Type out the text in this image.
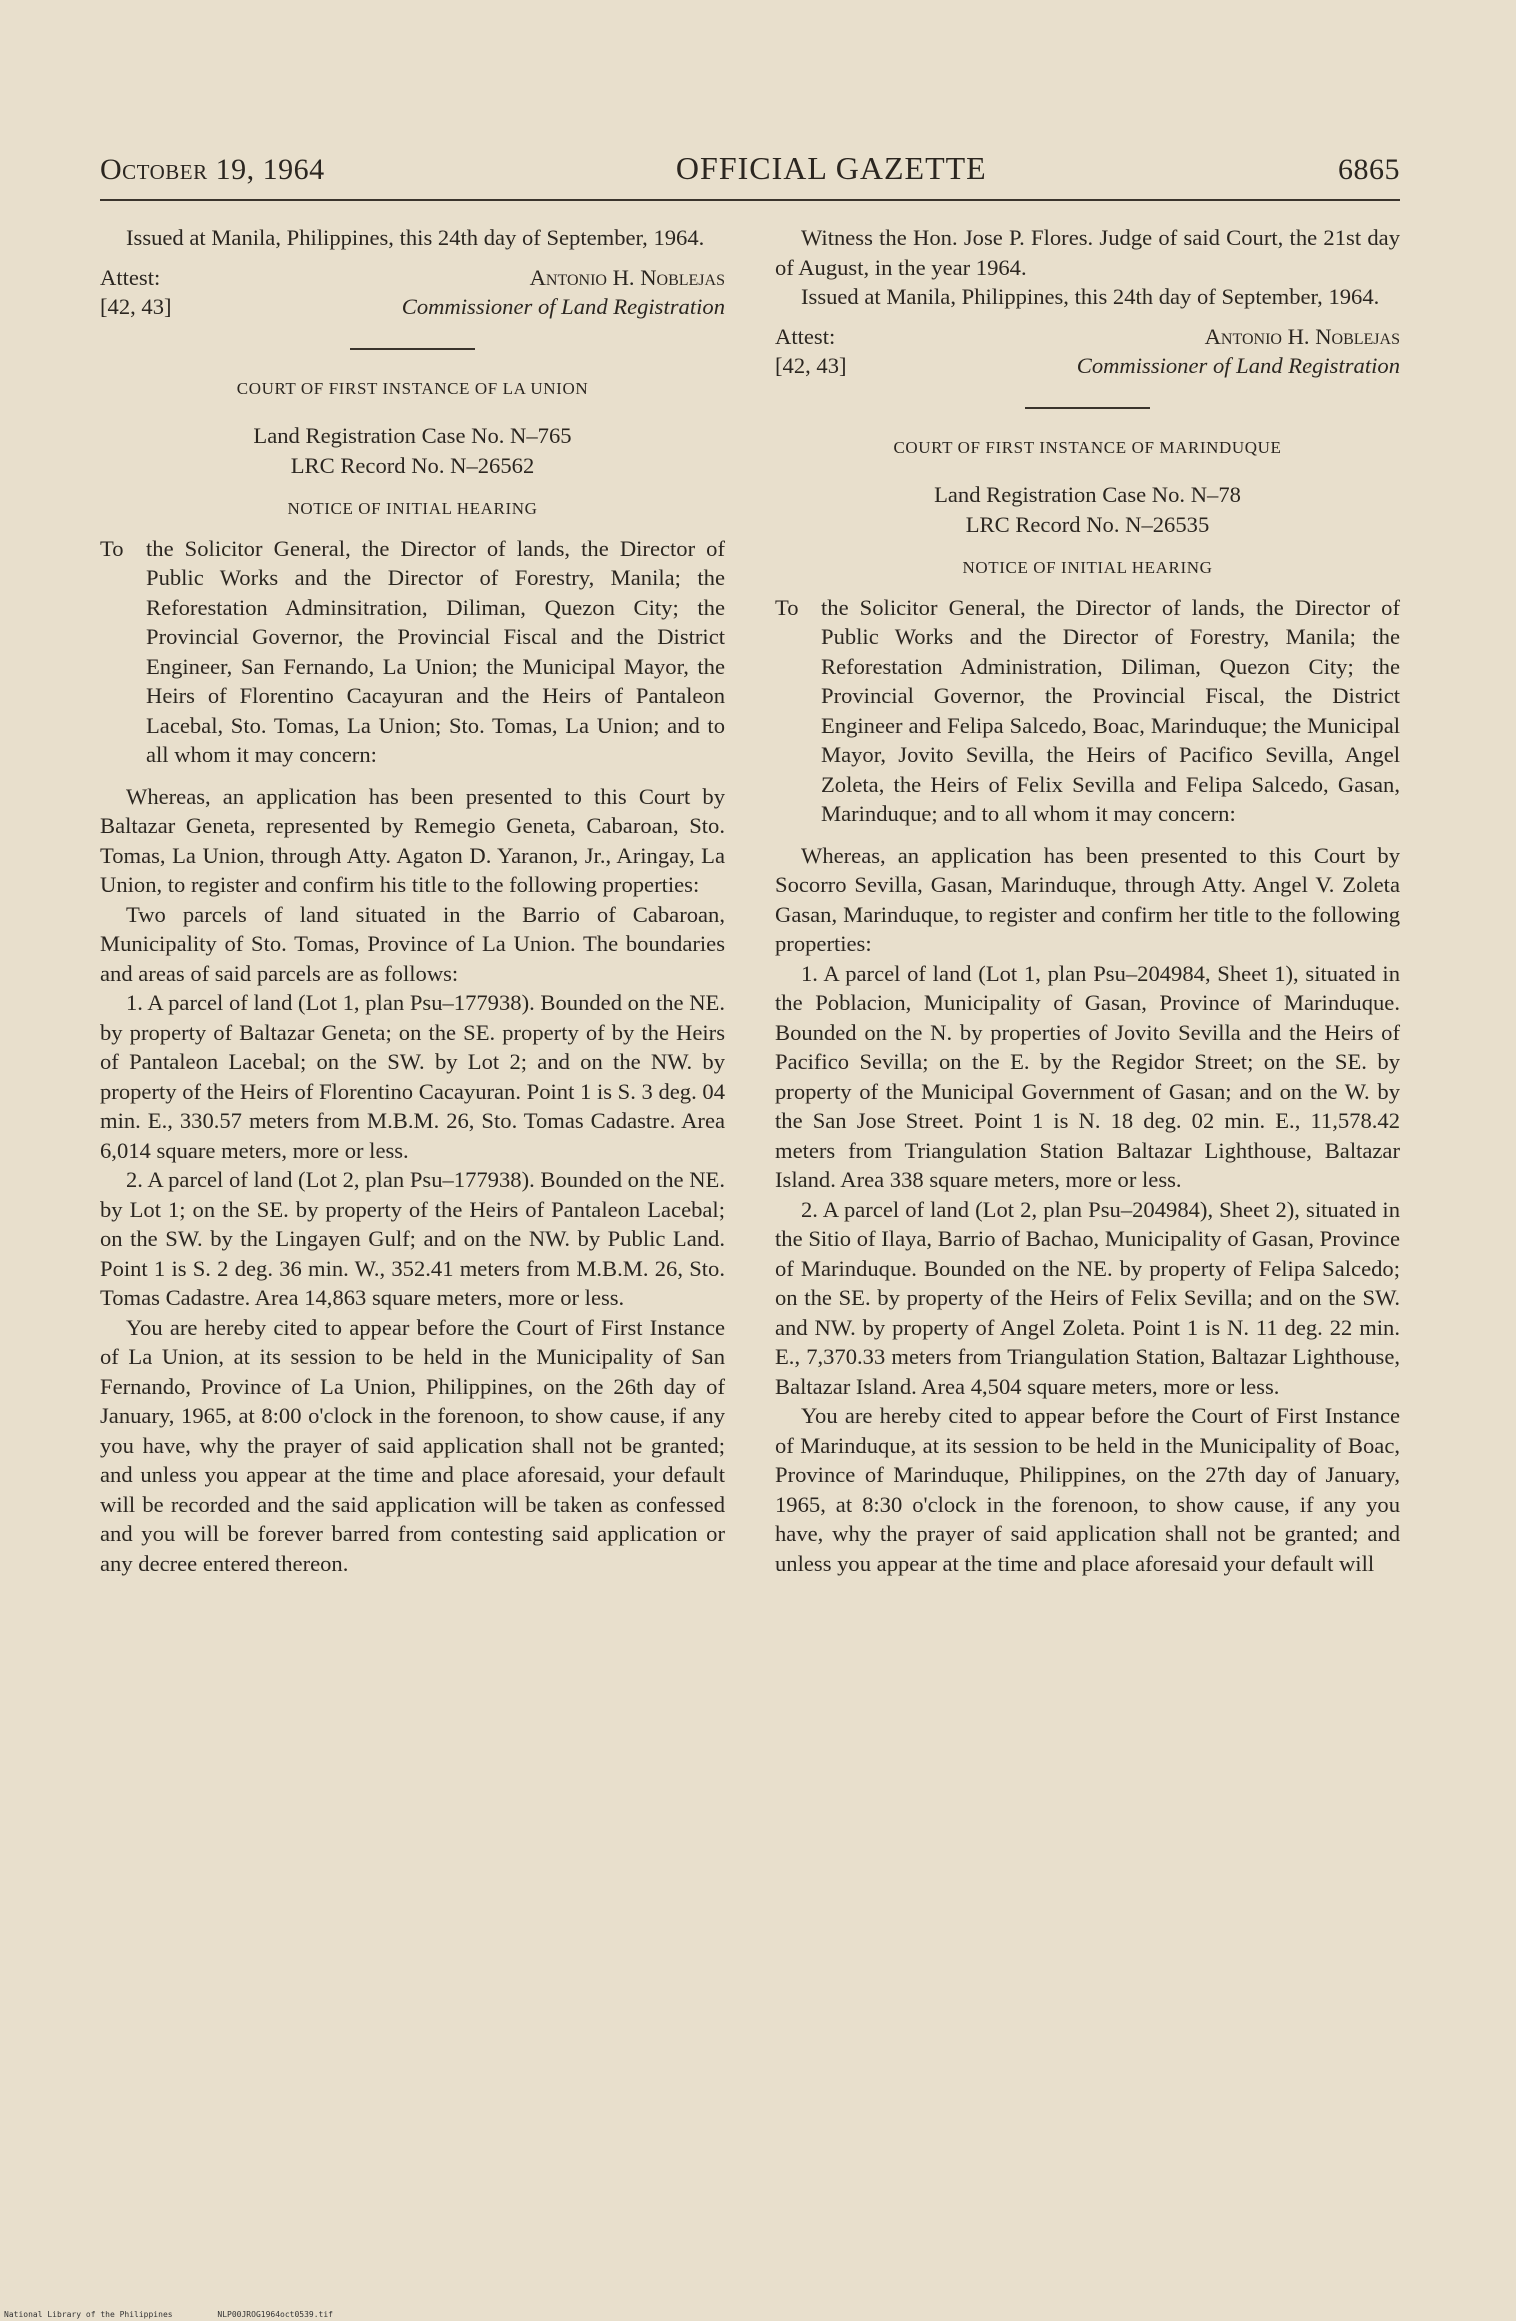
October 19, 1964	OFFICIAL GAZETTE	6865

Issued at Manila, Philippines, this 24th day of September, 1964.

Attest:
[42, 43]
Antonio H. Noblejas
Commissioner of Land Registration
COURT OF FIRST INSTANCE OF LA UNION
Land Registration Case No. N–765
LRC Record No. N–26562
NOTICE OF INITIAL HEARING
To the Solicitor General, the Director of lands, the Director of Public Works and the Director of Forestry, Manila; the Reforestation Adminsitration, Diliman, Quezon City; the Provincial Governor, the Provincial Fiscal and the District Engineer, San Fernando, La Union; the Municipal Mayor, the Heirs of Florentino Cacayuran and the Heirs of Pantaleon Lacebal, Sto. Tomas, La Union; Sto. Tomas, La Union; and to all whom it may concern:

Whereas, an application has been presented to this Court by Baltazar Geneta, represented by Remegio Geneta, Cabaroan, Sto. Tomas, La Union, through Atty. Agaton D. Yaranon, Jr., Aringay, La Union, to register and confirm his title to the following properties:

Two parcels of land situated in the Barrio of Cabaroan, Municipality of Sto. Tomas, Province of La Union. The boundaries and areas of said parcels are as follows:

1. A parcel of land (Lot 1, plan Psu–177938). Bounded on the NE. by property of Baltazar Geneta; on the SE. property of by the Heirs of Pantaleon Lacebal; on the SW. by Lot 2; and on the NW. by property of the Heirs of Florentino Cacayuran. Point 1 is S. 3 deg. 04 min. E., 330.57 meters from M.B.M. 26, Sto. Tomas Cadastre. Area 6,014 square meters, more or less.

2. A parcel of land (Lot 2, plan Psu–177938). Bounded on the NE. by Lot 1; on the SE. by property of the Heirs of Pantaleon Lacebal; on the SW. by the Lingayen Gulf; and on the NW. by Public Land. Point 1 is S. 2 deg. 36 min. W., 352.41 meters from M.B.M. 26, Sto. Tomas Cadastre. Area 14,863 square meters, more or less.

You are hereby cited to appear before the Court of First Instance of La Union, at its session to be held in the Municipality of San Fernando, Province of La Union, Philippines, on the 26th day of January, 1965, at 8:00 o'clock in the forenoon, to show cause, if any you have, why the prayer of said application shall not be granted; and unless you appear at the time and place aforesaid, your default will be recorded and the said application will be taken as confessed and you will be forever barred from contesting said application or any decree entered thereon.

Witness the Hon. Jose P. Flores. Judge of said Court, the 21st day of August, in the year 1964.

Issued at Manila, Philippines, this 24th day of September, 1964.

Attest:
[42, 43]
Antonio H. Noblejas
Commissioner of Land Registration
COURT OF FIRST INSTANCE OF MARINDUQUE
Land Registration Case No. N–78
LRC Record No. N–26535
NOTICE OF INITIAL HEARING
To the Solicitor General, the Director of lands, the Director of Public Works and the Director of Forestry, Manila; the Reforestation Administration, Diliman, Quezon City; the Provincial Governor, the Provincial Fiscal, the District Engineer and Felipa Salcedo, Boac, Marinduque; the Municipal Mayor, Jovito Sevilla, the Heirs of Pacifico Sevilla, Angel Zoleta, the Heirs of Felix Sevilla and Felipa Salcedo, Gasan, Marinduque; and to all whom it may concern:

Whereas, an application has been presented to this Court by Socorro Sevilla, Gasan, Marinduque, through Atty. Angel V. Zoleta Gasan, Marinduque, to register and confirm her title to the following properties:

1. A parcel of land (Lot 1, plan Psu–204984, Sheet 1), situated in the Poblacion, Municipality of Gasan, Province of Marinduque. Bounded on the N. by properties of Jovito Sevilla and the Heirs of Pacifico Sevilla; on the E. by the Regidor Street; on the SE. by property of the Municipal Government of Gasan; and on the W. by the San Jose Street. Point 1 is N. 18 deg. 02 min. E., 11,578.42 meters from Triangulation Station Baltazar Lighthouse, Baltazar Island. Area 338 square meters, more or less.

2. A parcel of land (Lot 2, plan Psu–204984), Sheet 2), situated in the Sitio of Ilaya, Barrio of Bachao, Municipality of Gasan, Province of Marinduque. Bounded on the NE. by property of Felipa Salcedo; on the SE. by property of the Heirs of Felix Sevilla; and on the SW. and NW. by property of Angel Zoleta. Point 1 is N. 11 deg. 22 min. E., 7,370.33 meters from Triangulation Station, Baltazar Lighthouse, Baltazar Island. Area 4,504 square meters, more or less.

You are hereby cited to appear before the Court of First Instance of Marinduque, at its session to be held in the Municipality of Boac, Province of Marinduque, Philippines, on the 27th day of January, 1965, at 8:30 o'clock in the forenoon, to show cause, if any you have, why the prayer of said application shall not be granted; and unless you appear at the time and place aforesaid your default will

National Library of the Philippines	NLP00JROG1964oct0539.tif
